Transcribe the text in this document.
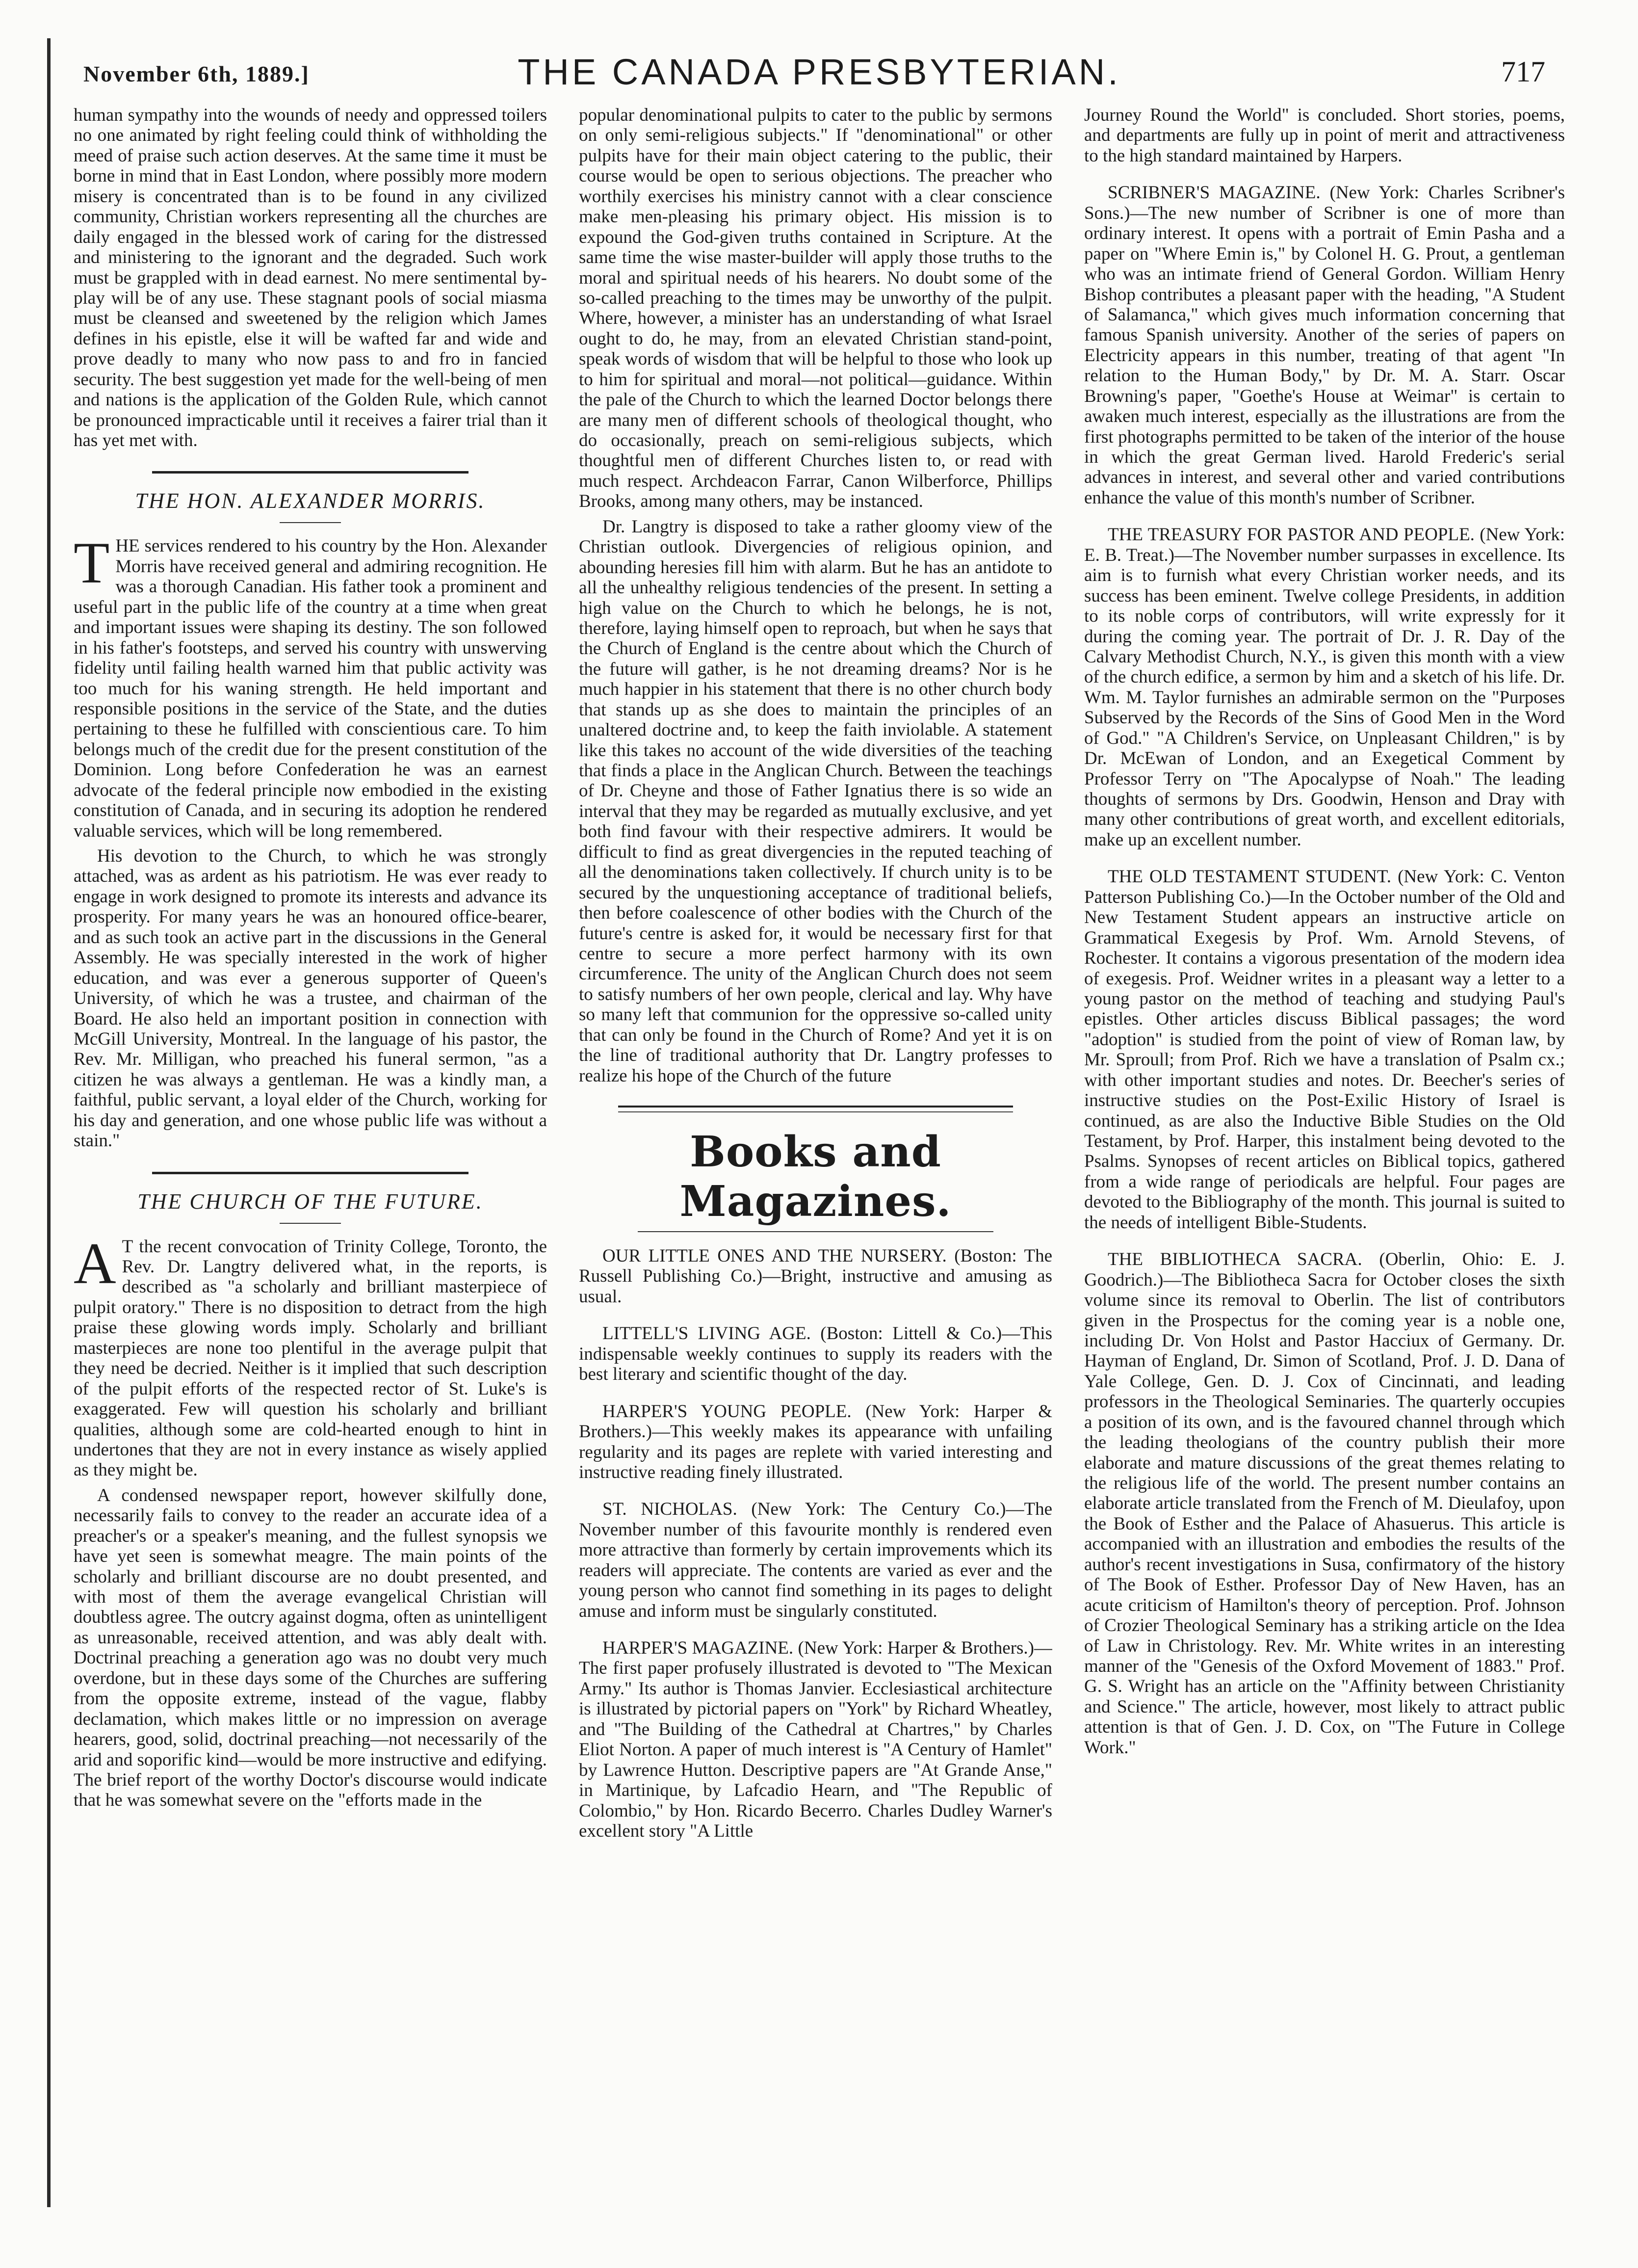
November 6th, 1889.]	THE CANADA PRESBYTERIAN.	717

human sympathy into the wounds of needy and oppressed toilers no one animated by right feeling could think of withholding the meed of praise such action deserves. At the same time it must be borne in mind that in East London, where possibly more modern misery is concentrated than is to be found in any civilized community, Christian workers representing all the churches are daily engaged in the blessed work of caring for the distressed and ministering to the ignorant and the degraded. Such work must be grappled with in dead earnest. No mere sentimental by-play will be of any use. These stagnant pools of social miasma must be cleansed and sweetened by the religion which James defines in his epistle, else it will be wafted far and wide and prove deadly to many who now pass to and fro in fancied security. The best suggestion yet made for the well-being of men and nations is the application of the Golden Rule, which cannot be pronounced impracticable until it receives a fairer trial than it has yet met with.

THE HON. ALEXANDER MORRIS.

THE services rendered to his country by the Hon. Alexander Morris have received general and admiring recognition. He was a thorough Canadian. His father took a prominent and useful part in the public life of the country at a time when great and important issues were shaping its destiny. The son followed in his father's footsteps, and served his country with unswerving fidelity until failing health warned him that public activity was too much for his waning strength. He held important and responsible positions in the service of the State, and the duties pertaining to these he fulfilled with conscientious care. To him belongs much of the credit due for the present constitution of the Dominion. Long before Confederation he was an earnest advocate of the federal principle now embodied in the existing constitution of Canada, and in securing its adoption he rendered valuable services, which will be long remembered.

His devotion to the Church, to which he was strongly attached, was as ardent as his patriotism. He was ever ready to engage in work designed to promote its interests and advance its prosperity. For many years he was an honoured office-bearer, and as such took an active part in the discussions in the General Assembly. He was specially interested in the work of higher education, and was ever a generous supporter of Queen's University, of which he was a trustee, and chairman of the Board. He also held an important position in connection with McGill University, Montreal. In the language of his pastor, the Rev. Mr. Milligan, who preached his funeral sermon, "as a citizen he was always a gentleman. He was a kindly man, a faithful, public servant, a loyal elder of the Church, working for his day and generation, and one whose public life was without a stain."

THE CHURCH OF THE FUTURE.

AT the recent convocation of Trinity College, Toronto, the Rev. Dr. Langtry delivered what, in the reports, is described as "a scholarly and brilliant masterpiece of pulpit oratory." There is no disposition to detract from the high praise these glowing words imply. Scholarly and brilliant masterpieces are none too plentiful in the average pulpit that they need be decried. Neither is it implied that such description of the pulpit efforts of the respected rector of St. Luke's is exaggerated. Few will question his scholarly and brilliant qualities, although some are cold-hearted enough to hint in undertones that they are not in every instance as wisely applied as they might be.

A condensed newspaper report, however skilfully done, necessarily fails to convey to the reader an accurate idea of a preacher's or a speaker's meaning, and the fullest synopsis we have yet seen is somewhat meagre. The main points of the scholarly and brilliant discourse are no doubt presented, and with most of them the average evangelical Christian will doubtless agree. The outcry against dogma, often as unintelligent as unreasonable, received attention, and was ably dealt with. Doctrinal preaching a generation ago was no doubt very much overdone, but in these days some of the Churches are suffering from the opposite extreme, instead of the vague, flabby declamation, which makes little or no impression on average hearers, good, solid, doctrinal preaching—not necessarily of the arid and soporific kind—would be more instructive and edifying. The brief report of the worthy Doctor's discourse would indicate that he was somewhat severe on the "efforts made in the

popular denominational pulpits to cater to the public by sermons on only semi-religious subjects." If "denominational" or other pulpits have for their main object catering to the public, their course would be open to serious objections. The preacher who worthily exercises his ministry cannot with a clear conscience make men-pleasing his primary object. His mission is to expound the God-given truths contained in Scripture. At the same time the wise master-builder will apply those truths to the moral and spiritual needs of his hearers. No doubt some of the so-called preaching to the times may be unworthy of the pulpit. Where, however, a minister has an understanding of what Israel ought to do, he may, from an elevated Christian stand-point, speak words of wisdom that will be helpful to those who look up to him for spiritual and moral—not political—guidance. Within the pale of the Church to which the learned Doctor belongs there are many men of different schools of theological thought, who do occasionally, preach on semi-religious subjects, which thoughtful men of different Churches listen to, or read with much respect. Archdeacon Farrar, Canon Wilberforce, Phillips Brooks, among many others, may be instanced.

Dr. Langtry is disposed to take a rather gloomy view of the Christian outlook. Divergencies of religious opinion, and abounding heresies fill him with alarm. But he has an antidote to all the unhealthy religious tendencies of the present. In setting a high value on the Church to which he belongs, he is not, therefore, laying himself open to reproach, but when he says that the Church of England is the centre about which the Church of the future will gather, is he not dreaming dreams? Nor is he much happier in his statement that there is no other church body that stands up as she does to maintain the principles of an unaltered doctrine and, to keep the faith inviolable. A statement like this takes no account of the wide diversities of the teaching that finds a place in the Anglican Church. Between the teachings of Dr. Cheyne and those of Father Ignatius there is so wide an interval that they may be regarded as mutually exclusive, and yet both find favour with their respective admirers. It would be difficult to find as great divergencies in the reputed teaching of all the denominations taken collectively. If church unity is to be secured by the unquestioning acceptance of traditional beliefs, then before coalescence of other bodies with the Church of the future's centre is asked for, it would be necessary first for that centre to secure a more perfect harmony with its own circumference. The unity of the Anglican Church does not seem to satisfy numbers of her own people, clerical and lay. Why have so many left that communion for the oppressive so-called unity that can only be found in the Church of Rome? And yet it is on the line of traditional authority that Dr. Langtry professes to realize his hope of the Church of the future

Books and Magazines.

OUR LITTLE ONES AND THE NURSERY. (Boston: The Russell Publishing Co.)—Bright, instructive and amusing as usual.

LITTELL'S LIVING AGE. (Boston: Littell & Co.)—This indispensable weekly continues to supply its readers with the best literary and scientific thought of the day.

HARPER'S YOUNG PEOPLE. (New York: Harper & Brothers.)—This weekly makes its appearance with unfailing regularity and its pages are replete with varied interesting and instructive reading finely illustrated.

ST. NICHOLAS. (New York: The Century Co.)—The November number of this favourite monthly is rendered even more attractive than formerly by certain improvements which its readers will appreciate. The contents are varied as ever and the young person who cannot find something in its pages to delight amuse and inform must be singularly constituted.

HARPER'S MAGAZINE. (New York: Harper & Brothers.)—The first paper profusely illustrated is devoted to "The Mexican Army." Its author is Thomas Janvier. Ecclesiastical architecture is illustrated by pictorial papers on "York" by Richard Wheatley, and "The Building of the Cathedral at Chartres," by Charles Eliot Norton. A paper of much interest is "A Century of Hamlet" by Lawrence Hutton. Descriptive papers are "At Grande Anse," in Martinique, by Lafcadio Hearn, and "The Republic of Colombio," by Hon. Ricardo Becerro. Charles Dudley Warner's excellent story "A Little

Journey Round the World" is concluded. Short stories, poems, and departments are fully up in point of merit and attractiveness to the high standard maintained by Harpers.

SCRIBNER'S MAGAZINE. (New York: Charles Scribner's Sons.)—The new number of Scribner is one of more than ordinary interest. It opens with a portrait of Emin Pasha and a paper on "Where Emin is," by Colonel H. G. Prout, a gentleman who was an intimate friend of General Gordon. William Henry Bishop contributes a pleasant paper with the heading, "A Student of Salamanca," which gives much information concerning that famous Spanish university. Another of the series of papers on Electricity appears in this number, treating of that agent "In relation to the Human Body," by Dr. M. A. Starr. Oscar Browning's paper, "Goethe's House at Weimar" is certain to awaken much interest, especially as the illustrations are from the first photographs permitted to be taken of the interior of the house in which the great German lived. Harold Frederic's serial advances in interest, and several other and varied contributions enhance the value of this month's number of Scribner.

THE TREASURY FOR PASTOR AND PEOPLE. (New York: E. B. Treat.)—The November number surpasses in excellence. Its aim is to furnish what every Christian worker needs, and its success has been eminent. Twelve college Presidents, in addition to its noble corps of contributors, will write expressly for it during the coming year. The portrait of Dr. J. R. Day of the Calvary Methodist Church, N.Y., is given this month with a view of the church edifice, a sermon by him and a sketch of his life. Dr. Wm. M. Taylor furnishes an admirable sermon on the "Purposes Subserved by the Records of the Sins of Good Men in the Word of God." "A Children's Service, on Unpleasant Children," is by Dr. McEwan of London, and an Exegetical Comment by Professor Terry on "The Apocalypse of Noah." The leading thoughts of sermons by Drs. Goodwin, Henson and Dray with many other contributions of great worth, and excellent editorials, make up an excellent number.

THE OLD TESTAMENT STUDENT. (New York: C. Venton Patterson Publishing Co.)—In the October number of the Old and New Testament Student appears an instructive article on Grammatical Exegesis by Prof. Wm. Arnold Stevens, of Rochester. It contains a vigorous presentation of the modern idea of exegesis. Prof. Weidner writes in a pleasant way a letter to a young pastor on the method of teaching and studying Paul's epistles. Other articles discuss Biblical passages; the word "adoption" is studied from the point of view of Roman law, by Mr. Sproull; from Prof. Rich we have a translation of Psalm cx.; with other important studies and notes. Dr. Beecher's series of instructive studies on the Post-Exilic History of Israel is continued, as are also the Inductive Bible Studies on the Old Testament, by Prof. Harper, this instalment being devoted to the Psalms. Synopses of recent articles on Biblical topics, gathered from a wide range of periodicals are helpful. Four pages are devoted to the Bibliography of the month. This journal is suited to the needs of intelligent Bible-Students.

THE BIBLIOTHECA SACRA. (Oberlin, Ohio: E. J. Goodrich.)—The Bibliotheca Sacra for October closes the sixth volume since its removal to Oberlin. The list of contributors given in the Prospectus for the coming year is a noble one, including Dr. Von Holst and Pastor Hacciux of Germany. Dr. Hayman of England, Dr. Simon of Scotland, Prof. J. D. Dana of Yale College, Gen. D. J. Cox of Cincinnati, and leading professors in the Theological Seminaries. The quarterly occupies a position of its own, and is the favoured channel through which the leading theologians of the country publish their more elaborate and mature discussions of the great themes relating to the religious life of the world. The present number contains an elaborate article translated from the French of M. Dieulafoy, upon the Book of Esther and the Palace of Ahasuerus. This article is accompanied with an illustration and embodies the results of the author's recent investigations in Susa, confirmatory of the history of The Book of Esther. Professor Day of New Haven, has an acute criticism of Hamilton's theory of perception. Prof. Johnson of Crozier Theological Seminary has a striking article on the Idea of Law in Christology. Rev. Mr. White writes in an interesting manner of the "Genesis of the Oxford Movement of 1883." Prof. G. S. Wright has an article on the "Affinity between Christianity and Science." The article, however, most likely to attract public attention is that of Gen. J. D. Cox, on "The Future in College Work."
